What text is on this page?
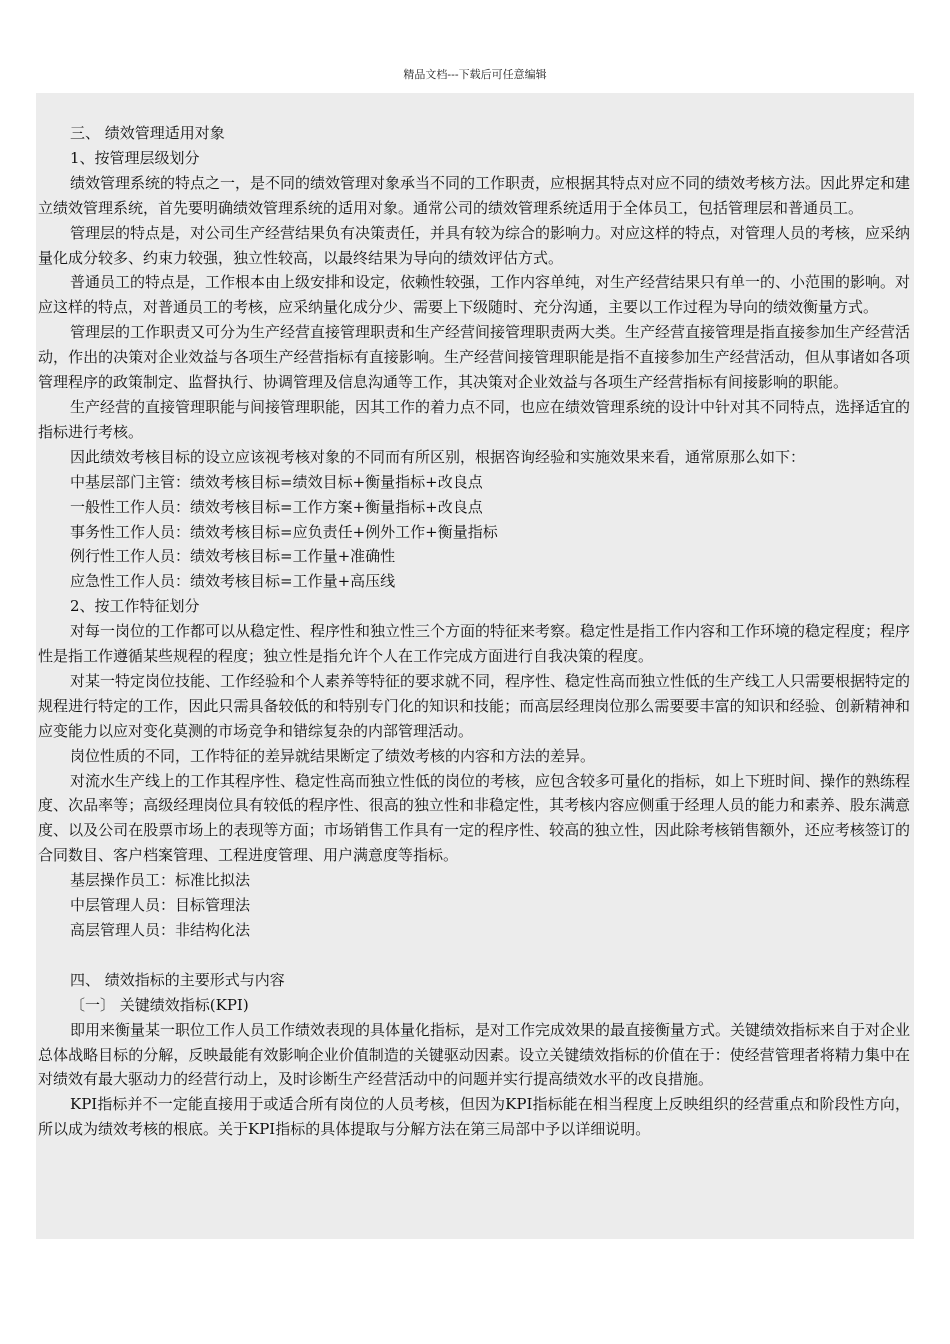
精品文档---下载后可任意编辑
三、 绩效管理适用对象
1、按管理层级划分
绩效管理系统的特点之一，是不同的绩效管理对象承当不同的工作职责，应根据其特点对应不同的绩效考核方法。因此界定和建立绩效管理系统，首先要明确绩效管理系统的适用对象。通常公司的绩效管理系统适用于全体员工，包括管理层和普通员工。
管理层的特点是，对公司生产经营结果负有决策责任，并具有较为综合的影响力。对应这样的特点，对管理人员的考核，应采纳量化成分较多、约束力较强，独立性较高，以最终结果为导向的绩效评估方式。
普通员工的特点是，工作根本由上级安排和设定，依赖性较强，工作内容单纯，对生产经营结果只有单一的、小范围的影响。对应这样的特点，对普通员工的考核，应采纳量化成分少、需要上下级随时、充分沟通，主要以工作过程为导向的绩效衡量方式。
管理层的工作职责又可分为生产经营直接管理职责和生产经营间接管理职责两大类。生产经营直接管理是指直接参加生产经营活动，作出的决策对企业效益与各项生产经营指标有直接影响。生产经营间接管理职能是指不直接参加生产经营活动，但从事诸如各项管理程序的政策制定、监督执行、协调管理及信息沟通等工作，其决策对企业效益与各项生产经营指标有间接影响的职能。
生产经营的直接管理职能与间接管理职能，因其工作的着力点不同，也应在绩效管理系统的设计中针对其不同特点，选择适宜的指标进行考核。
因此绩效考核目标的设立应该视考核对象的不同而有所区别，根据咨询经验和实施效果来看，通常原那么如下：
中基层部门主管：绩效考核目标=绩效目标+衡量指标+改良点
一般性工作人员：绩效考核目标=工作方案+衡量指标+改良点
事务性工作人员：绩效考核目标=应负责任+例外工作+衡量指标
例行性工作人员：绩效考核目标=工作量+准确性
应急性工作人员：绩效考核目标=工作量+高压线
2、按工作特征划分
对每一岗位的工作都可以从稳定性、程序性和独立性三个方面的特征来考察。稳定性是指工作内容和工作环境的稳定程度；程序性是指工作遵循某些规程的程度；独立性是指允许个人在工作完成方面进行自我决策的程度。
对某一特定岗位技能、工作经验和个人素养等特征的要求就不同，程序性、稳定性高而独立性低的生产线工人只需要根据特定的规程进行特定的工作，因此只需具备较低的和特别专门化的知识和技能；而高层经理岗位那么需要要丰富的知识和经验、创新精神和应变能力以应对变化莫测的市场竞争和错综复杂的内部管理活动。
岗位性质的不同，工作特征的差异就结果断定了绩效考核的内容和方法的差异。
对流水生产线上的工作其程序性、稳定性高而独立性低的岗位的考核，应包含较多可量化的指标，如上下班时间、操作的熟练程度、次品率等；高级经理岗位具有较低的程序性、很高的独立性和非稳定性，其考核内容应侧重于经理人员的能力和素养、股东满意度、以及公司在股票市场上的表现等方面；市场销售工作具有一定的程序性、较高的独立性，因此除考核销售额外，还应考核签订的合同数目、客户档案管理、工程进度管理、用户满意度等指标。
基层操作员工：标准比拟法
中层管理人员：目标管理法
高层管理人员：非结构化法
四、 绩效指标的主要形式与内容
〔一〕 关键绩效指标(KPI)
即用来衡量某一职位工作人员工作绩效表现的具体量化指标，是对工作完成效果的最直接衡量方式。关键绩效指标来自于对企业总体战略目标的分解，反映最能有效影响企业价值制造的关键驱动因素。设立关键绩效指标的价值在于：使经营管理者将精力集中在对绩效有最大驱动力的经营行动上，及时诊断生产经营活动中的问题并实行提高绩效水平的改良措施。
KPI指标并不一定能直接用于或适合所有岗位的人员考核，但因为KPI指标能在相当程度上反映组织的经营重点和阶段性方向，所以成为绩效考核的根底。关于KPI指标的具体提取与分解方法在第三局部中予以详细说明。
